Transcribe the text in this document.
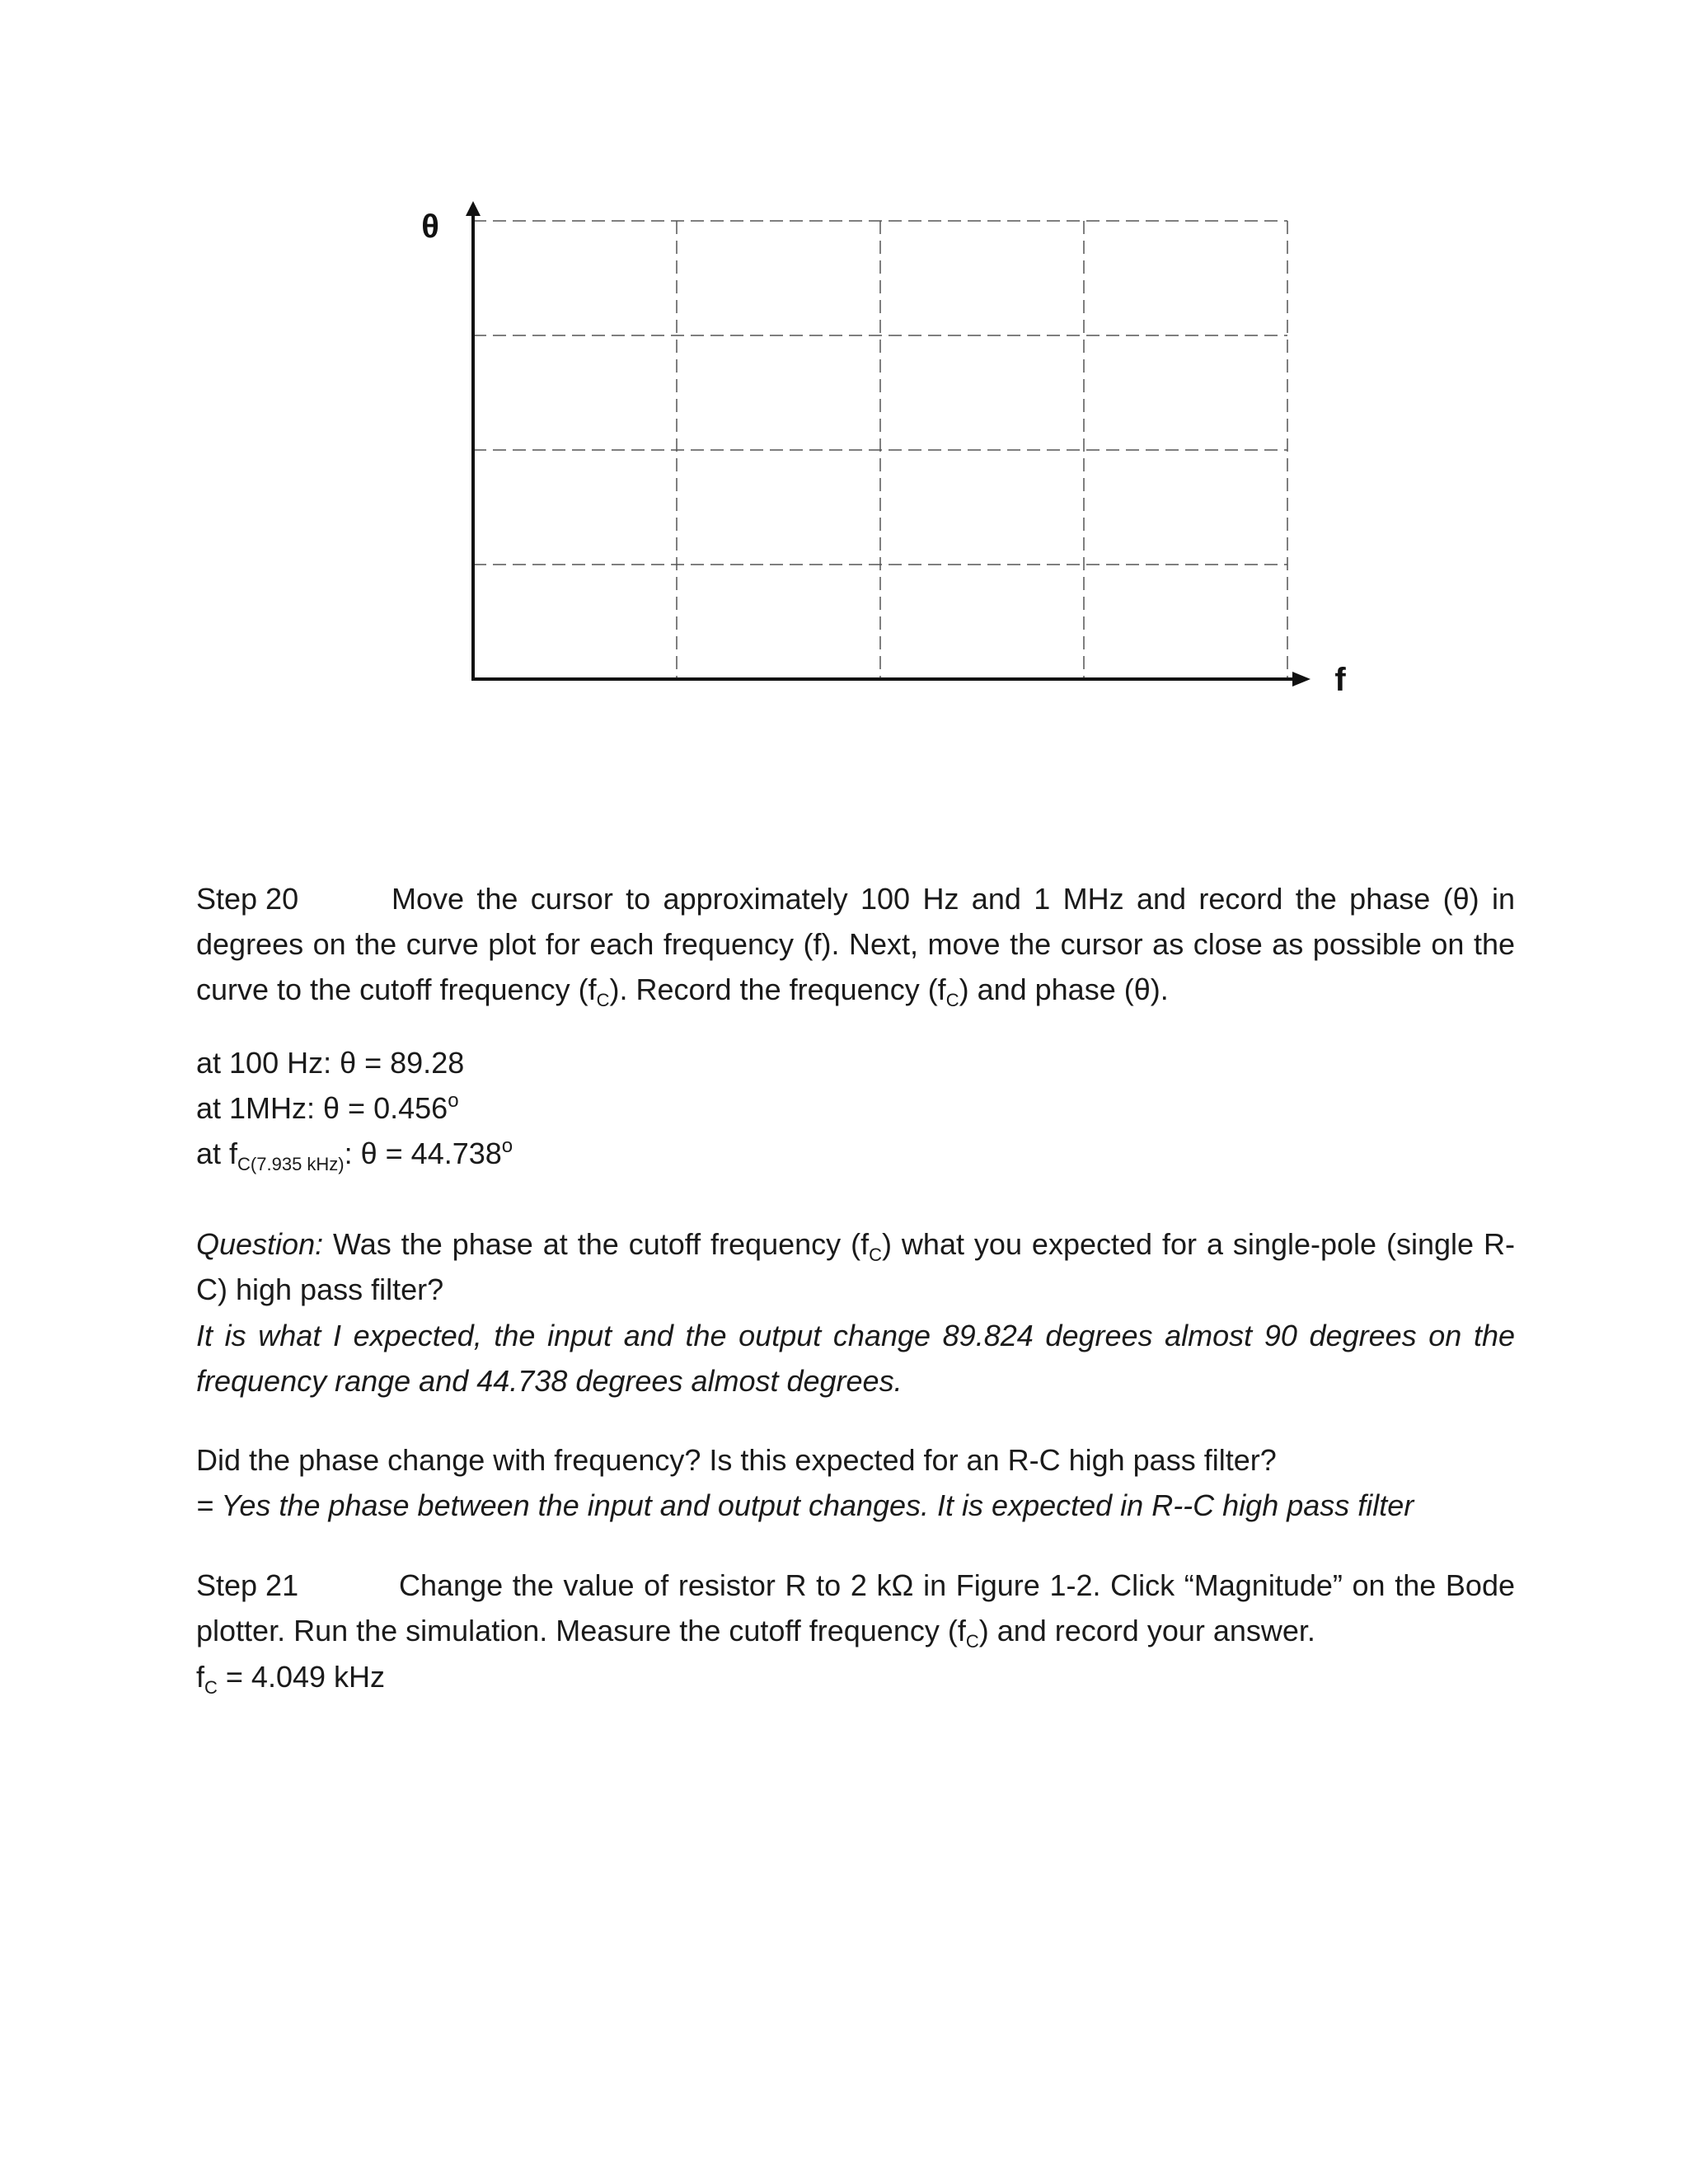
θ
f

Step 20	Move the cursor to approximately 100 Hz and 1 MHz and record the phase (θ) in degrees on the curve plot for each frequency (f). Next, move the cursor as close as possible on the curve to the cutoff frequency $(f_C)$. Record the frequency $(f_C)$ and phase (θ).

at 100 Hz: θ = 89.28
at 1MHz: $\theta = 0.456^o$
at $f_{C(7.935 kHz)}$: $\theta = 44.738^o$

Question: Was the phase at the cutoff frequency $(f_C)$ what you expected for a single-pole (single R-C) high pass filter?

It is what I expected, the input and the output change 89.824 degrees almost 90 degrees on the frequency range and 44.738 degrees almost degrees.

Did the phase change with frequency? Is this expected for an R-C high pass filter?
= Yes the phase between the input and output changes. It is expected in R--C high pass filter

Step 21	Change the value of resistor R to 2 kΩ in Figure 1-2. Click “Magnitude” on the Bode plotter. Run the simulation. Measure the cutoff frequency $(f_C)$ and record your answer.

$f_C = 4.049$ kHz
